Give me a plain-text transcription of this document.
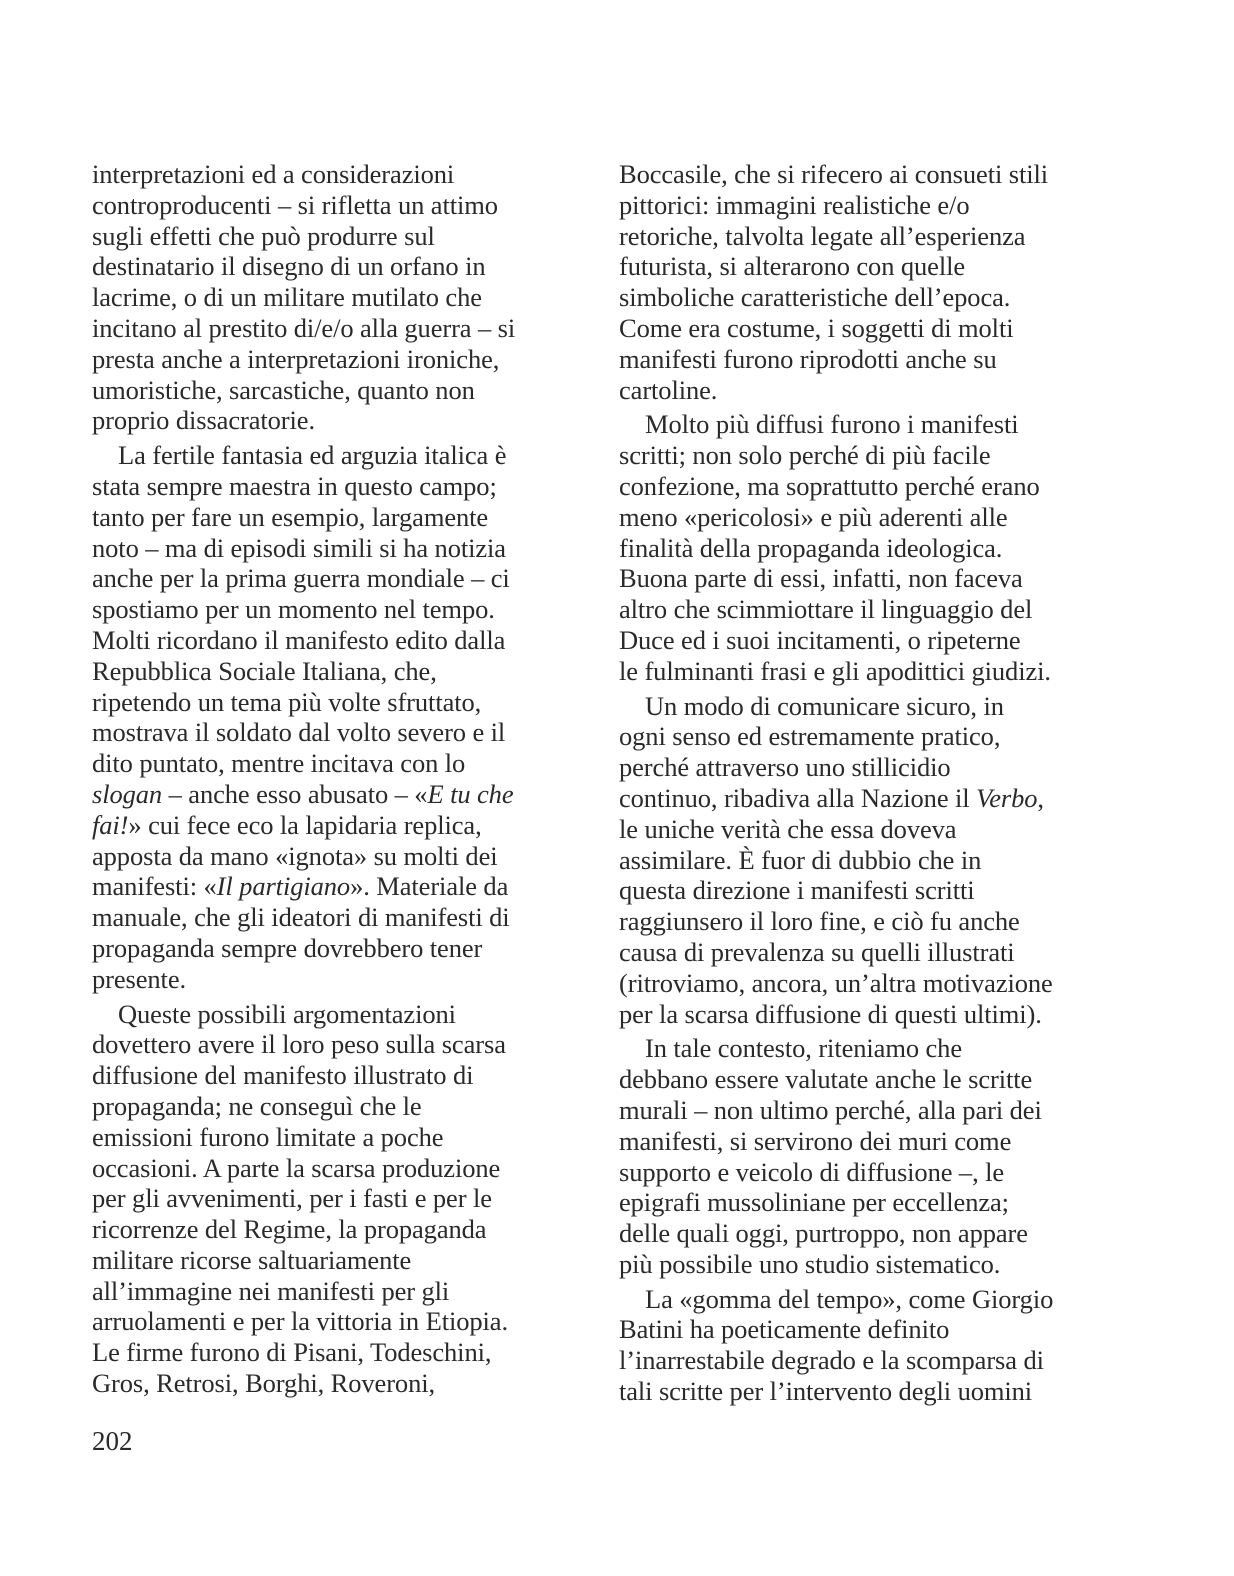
interpretazioni ed a considerazioni
controproducenti – si rifletta un attimo
sugli effetti che può produrre sul
destinatario il disegno di un orfano in
lacrime, o di un militare mutilato che
incitano al prestito di/e/o alla guerra – si
presta anche a interpretazioni ironiche,
umoristiche, sarcastiche, quanto non
proprio dissacratorie.
La fertile fantasia ed arguzia italica è
stata sempre maestra in questo campo;
tanto per fare un esempio, largamente
noto – ma di episodi simili si ha notizia
anche per la prima guerra mondiale – ci
spostiamo per un momento nel tempo.
Molti ricordano il manifesto edito dalla
Repubblica Sociale Italiana, che,
ripetendo un tema più volte sfruttato,
mostrava il soldato dal volto severo e il
dito puntato, mentre incitava con lo
slogan – anche esso abusato – «E tu che
fai!» cui fece eco la lapidaria replica,
apposta da mano «ignota» su molti dei
manifesti: «Il partigiano». Materiale da
manuale, che gli ideatori di manifesti di
propaganda sempre dovrebbero tener
presente.
Queste possibili argomentazioni
dovettero avere il loro peso sulla scarsa
diffusione del manifesto illustrato di
propaganda; ne conseguì che le
emissioni furono limitate a poche
occasioni. A parte la scarsa produzione
per gli avvenimenti, per i fasti e per le
ricorrenze del Regime, la propaganda
militare ricorse saltuariamente
all’immagine nei manifesti per gli
arruolamenti e per la vittoria in Etiopia.
Le firme furono di Pisani, Todeschini,
Gros, Retrosi, Borghi, Roveroni,
Boccasile, che si rifecero ai consueti stili
pittorici: immagini realistiche e/o
retoriche, talvolta legate all’esperienza
futurista, si alterarono con quelle
simboliche caratteristiche dell’epoca.
Come era costume, i soggetti di molti
manifesti furono riprodotti anche su
cartoline.
Molto più diffusi furono i manifesti
scritti; non solo perché di più facile
confezione, ma soprattutto perché erano
meno «pericolosi» e più aderenti alle
finalità della propaganda ideologica.
Buona parte di essi, infatti, non faceva
altro che scimmiottare il linguaggio del
Duce ed i suoi incitamenti, o ripeterne
le fulminanti frasi e gli apodittici giudizi.
Un modo di comunicare sicuro, in
ogni senso ed estremamente pratico,
perché attraverso uno stillicidio
continuo, ribadiva alla Nazione il Verbo,
le uniche verità che essa doveva
assimilare. È fuor di dubbio che in
questa direzione i manifesti scritti
raggiunsero il loro fine, e ciò fu anche
causa di prevalenza su quelli illustrati
(ritroviamo, ancora, un’altra motivazione
per la scarsa diffusione di questi ultimi).
In tale contesto, riteniamo che
debbano essere valutate anche le scritte
murali – non ultimo perché, alla pari dei
manifesti, si servirono dei muri come
supporto e veicolo di diffusione –, le
epigrafi mussoliniane per eccellenza;
delle quali oggi, purtroppo, non appare
più possibile uno studio sistematico.
La «gomma del tempo», come Giorgio
Batini ha poeticamente definito
l’inarrestabile degrado e la scomparsa di
tali scritte per l’intervento degli uomini
202
